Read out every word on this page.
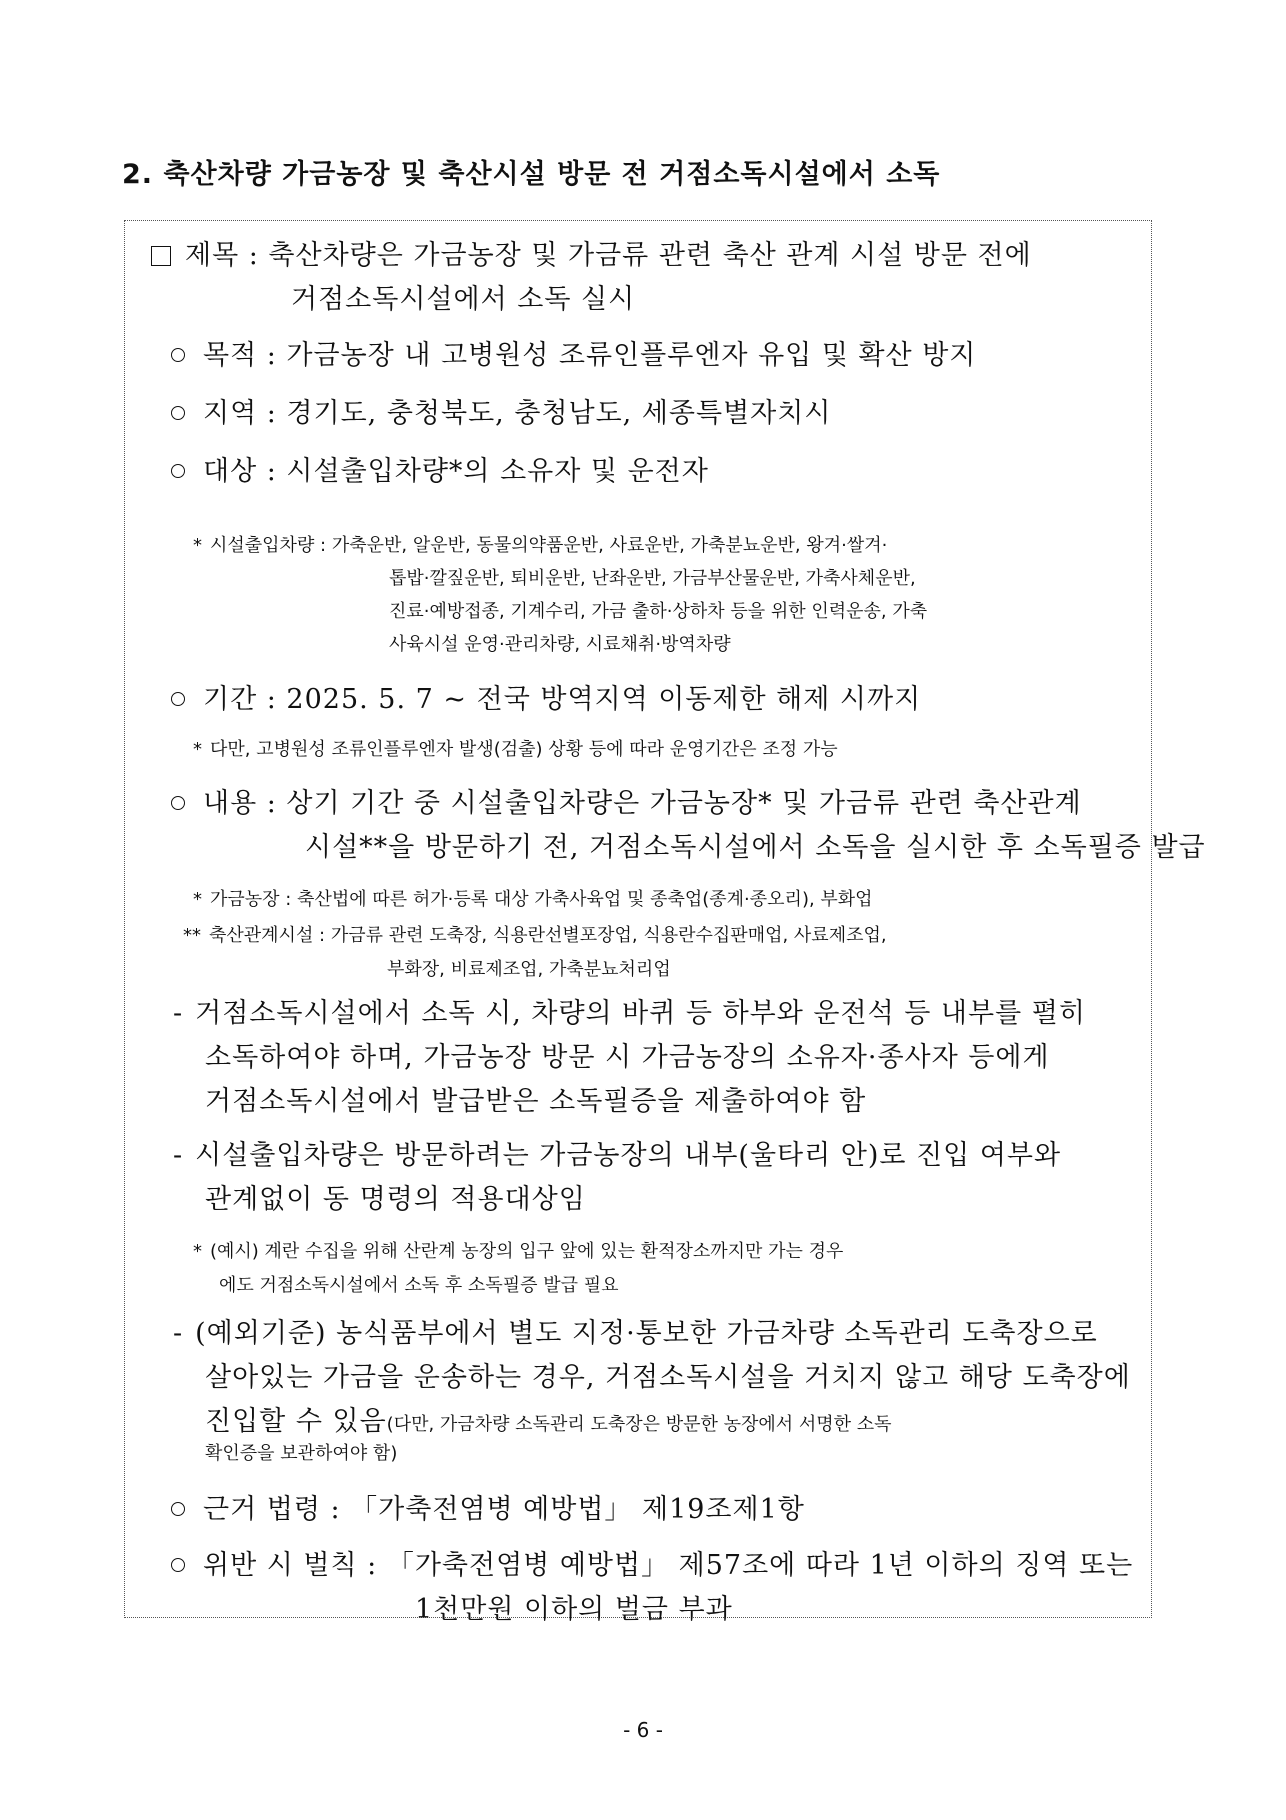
2. 축산차량 가금농장 및 축산시설 방문 전 거점소독시설에서 소독
제목 : 축산차량은 가금농장 및 가금류 관련 축산 관계 시설 방문 전에
거점소독시설에서 소독 실시
목적 : 가금농장 내 고병원성 조류인플루엔자 유입 및 확산 방지
지역 : 경기도, 충청북도, 충청남도, 세종특별자치시
대상 : 시설출입차량*의 소유자 및 운전자
* 시설출입차량 : 가축운반, 알운반, 동물의약품운반, 사료운반, 가축분뇨운반, 왕겨·쌀겨·
톱밥·깔짚운반, 퇴비운반, 난좌운반, 가금부산물운반, 가축사체운반,
진료·예방접종, 기계수리, 가금 출하·상하차 등을 위한 인력운송, 가축
사육시설 운영·관리차량, 시료채취·방역차량
기간 : 2025. 5. 7 ~ 전국 방역지역 이동제한 해제 시까지
* 다만, 고병원성 조류인플루엔자 발생(검출) 상황 등에 따라 운영기간은 조정 가능
내용 : 상기 기간 중 시설출입차량은 가금농장* 및 가금류 관련 축산관계
시설**을 방문하기 전, 거점소독시설에서 소독을 실시한 후 소독필증 발급
* 가금농장 : 축산법에 따른 허가·등록 대상 가축사육업 및 종축업(종계·종오리), 부화업
** 축산관계시설 : 가금류 관련 도축장, 식용란선별포장업, 식용란수집판매업, 사료제조업,
부화장, 비료제조업, 가축분뇨처리업
- 거점소독시설에서 소독 시, 차량의 바퀴 등 하부와 운전석 등 내부를 펼히
소독하여야 하며, 가금농장 방문 시 가금농장의 소유자·종사자 등에게
거점소독시설에서 발급받은 소독필증을 제출하여야 함
- 시설출입차량은 방문하려는 가금농장의 내부(울타리 안)로 진입 여부와
관계없이 동 명령의 적용대상임
* (예시) 계란 수집을 위해 산란계 농장의 입구 앞에 있는 환적장소까지만 가는 경우
에도 거점소독시설에서 소독 후 소독필증 발급 필요
- (예외기준) 농식품부에서 별도 지정·통보한 가금차량 소독관리 도축장으로
살아있는 가금을 운송하는 경우, 거점소독시설을 거치지 않고 해당 도축장에
진입할 수 있음(다만, 가금차량 소독관리 도축장은 방문한 농장에서 서명한 소독
확인증을 보관하여야 함)
근거 법령 : 「가축전염병 예방법」 제19조제1항
위반 시 벌칙 : 「가축전염병 예방법」 제57조에 따라 1년 이하의 징역 또는
1천만원 이하의 벌금 부과
- 6 -
